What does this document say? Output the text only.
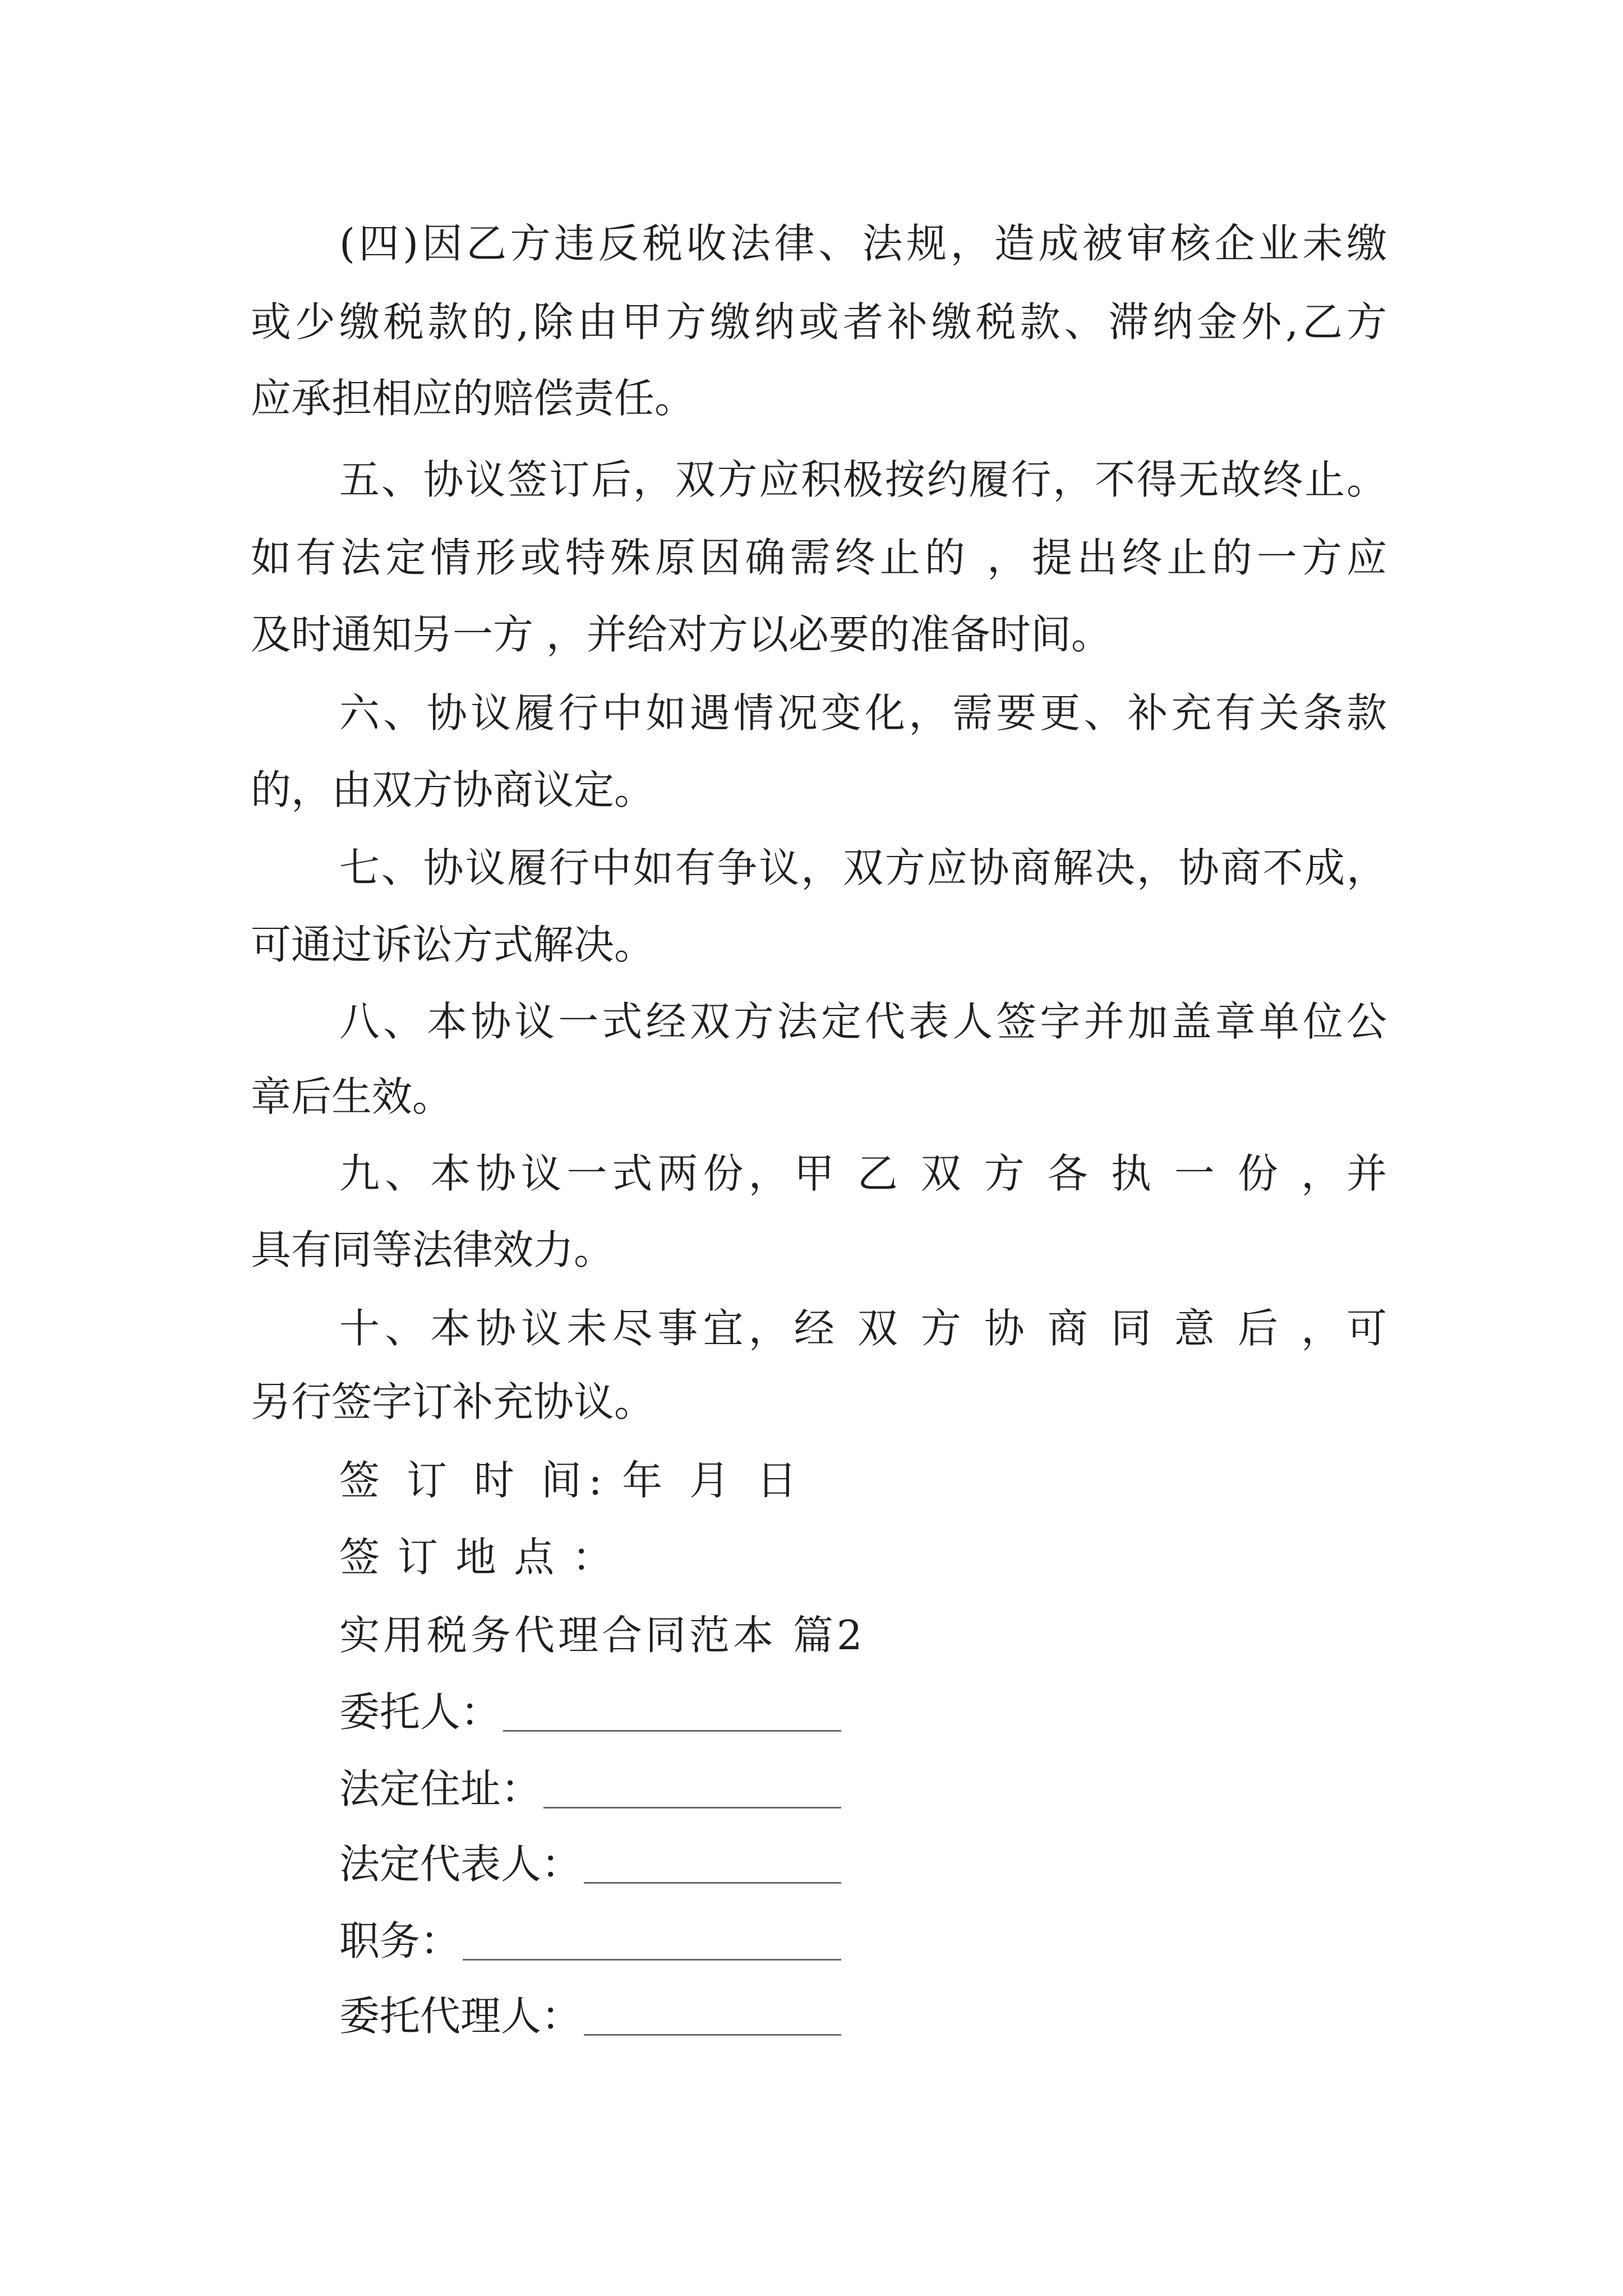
(四)因乙方违反税收法律、法规，造成被审核企业未缴
或少缴税款的,除由甲方缴纳或者补缴税款、滞纳金外,乙方
应承担相应的赔偿责任。
五、协议签订后，双方应积极按约履行，不得无故终止。
如有法定情形或特殊原因确需终止的 ，提出终止的一方应
及时通知另一方 ，并给对方以必要的准备时间。
六、协议履行中如遇情况变化，需要更、补充有关条款
的，由双方协商议定。
七、协议履行中如有争议，双方应协商解决，协商不成，
可通过诉讼方式解决。
八、本协议一式经双方法定代表人签字并加盖章单位公
章后生效。
九、本协议一式两份，甲 乙 双 方 各 执 一 份 ，并
具有同等法律效力。
十、本协议未尽事宜，经 双 方 协 商 同 意 后 ，可
另行签字订补充协议。
签 订 时 间: 年 月 日
签 订 地 点 ：
实用税务代理合同范本 篇2
委托人：
法定住址：
法定代表人：
职务：
委托代理人：
